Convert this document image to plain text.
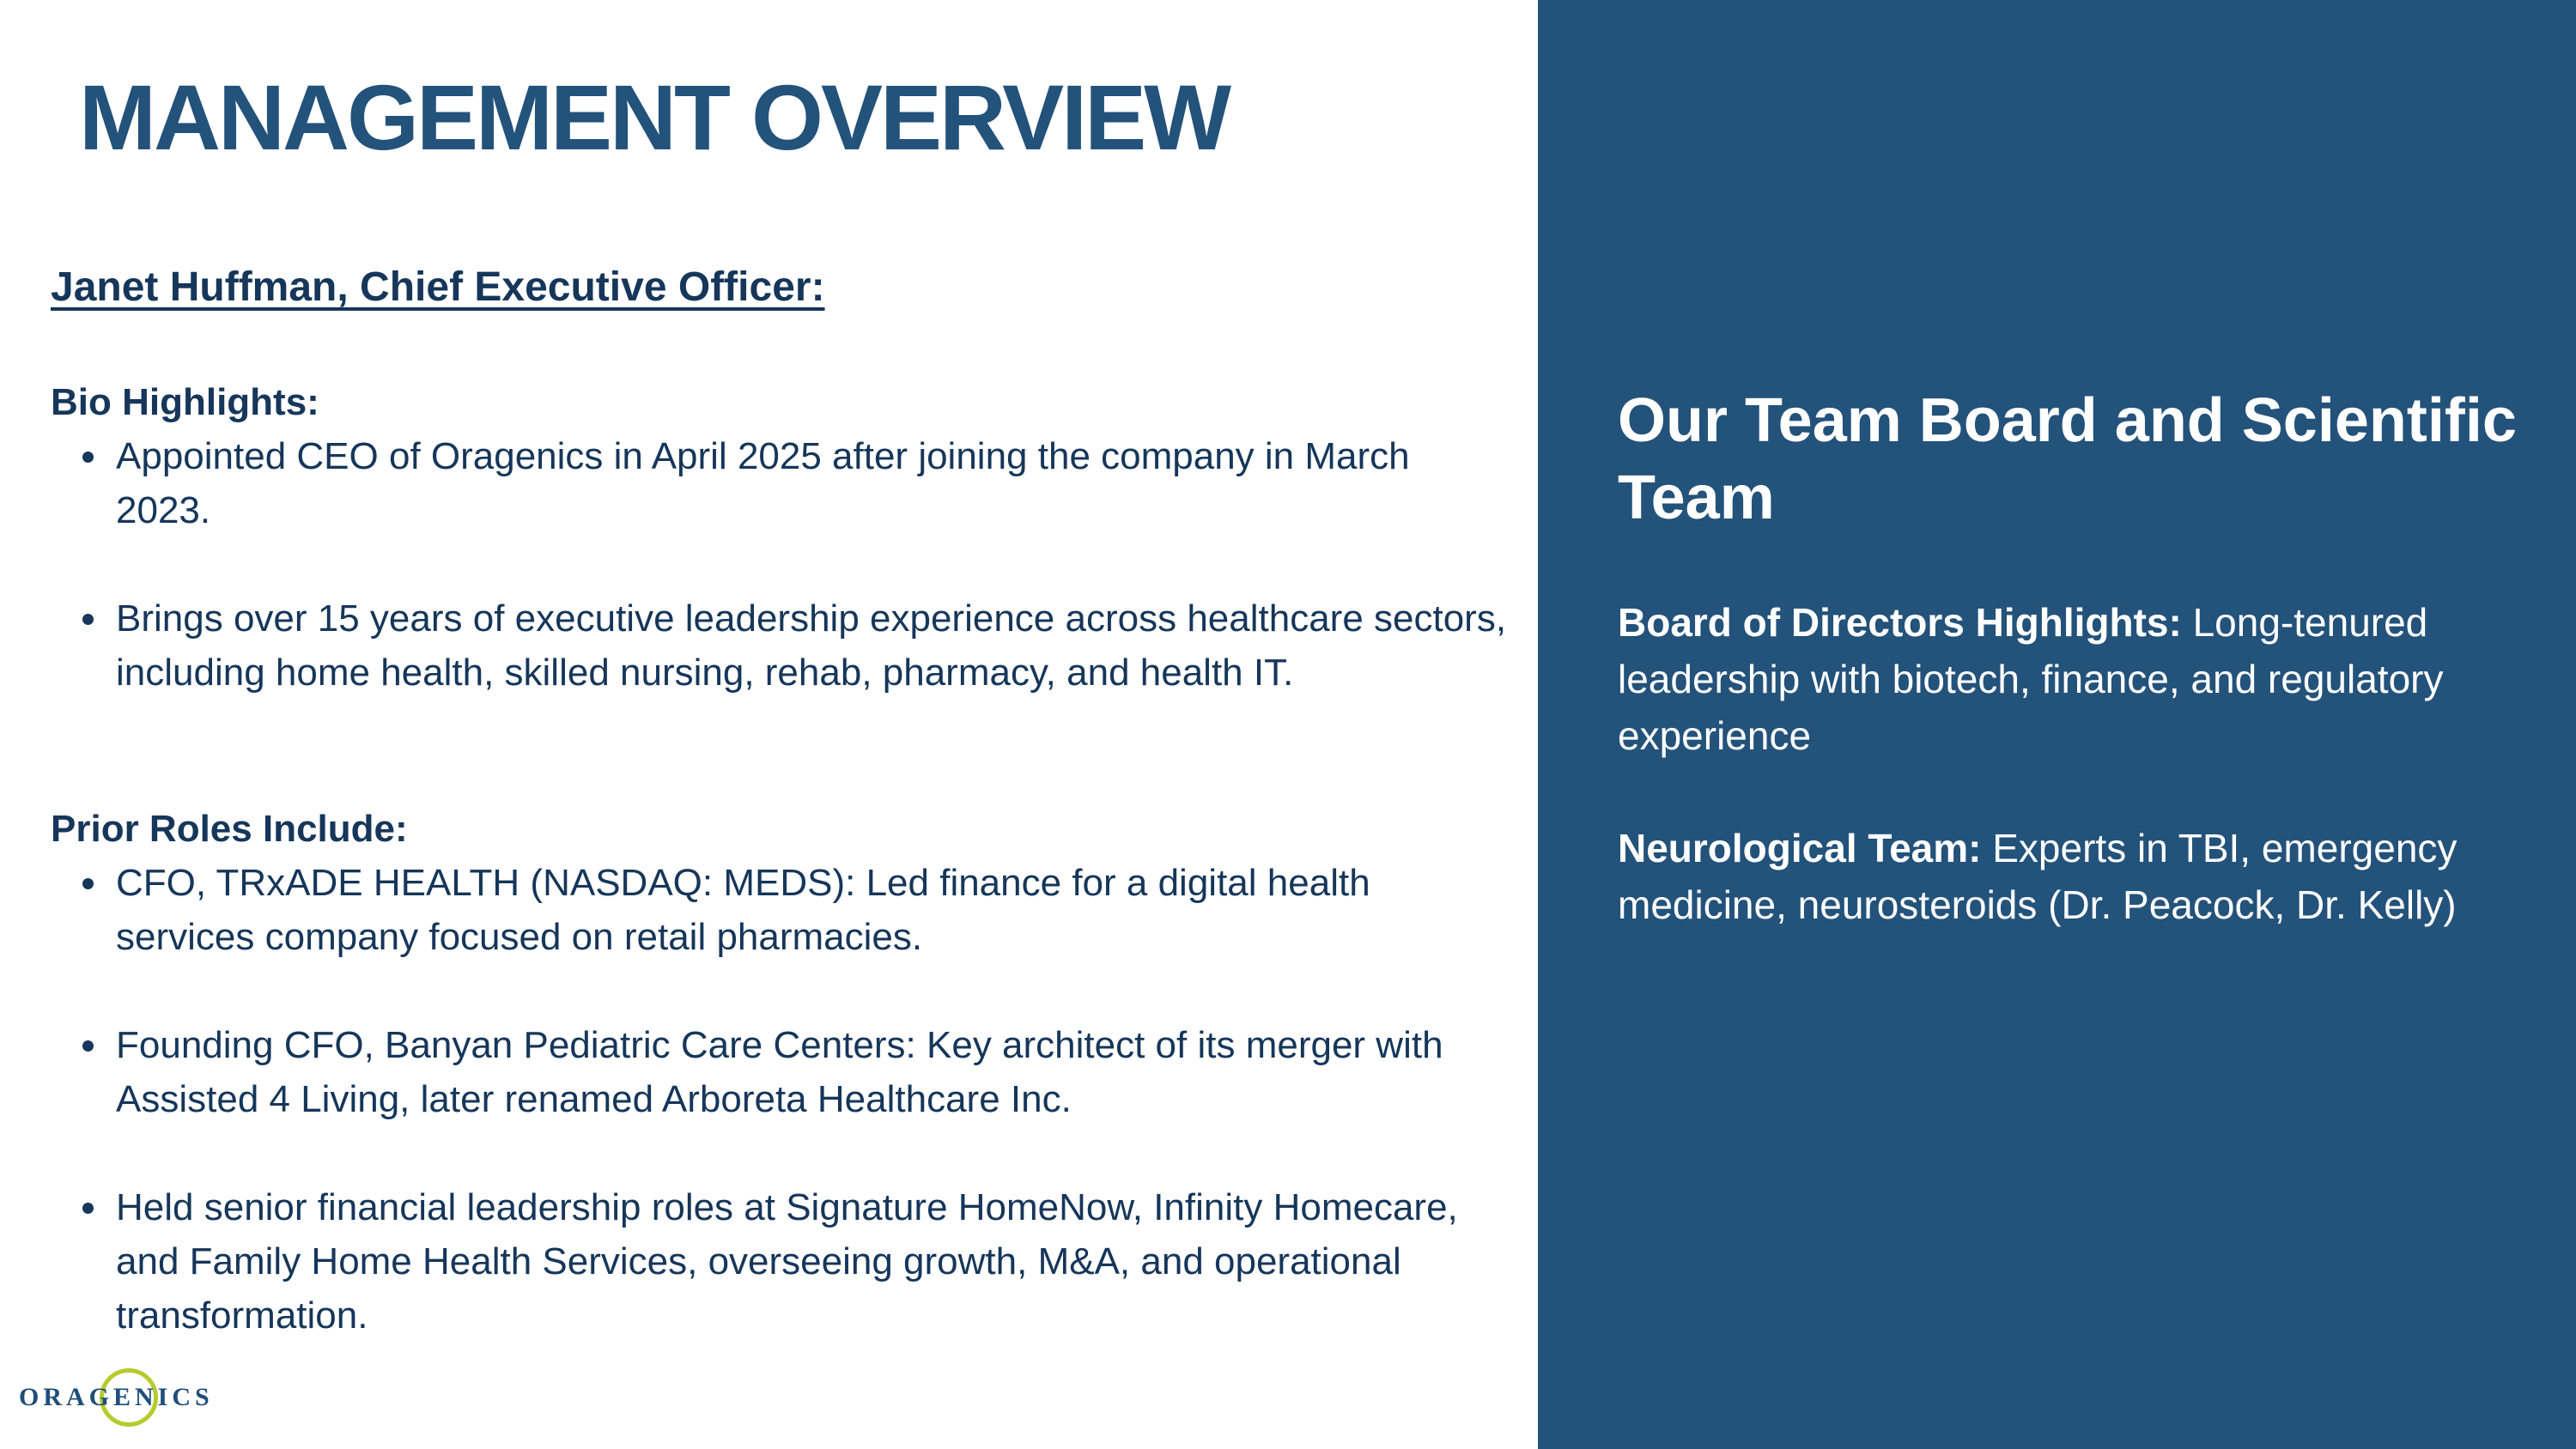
MANAGEMENT OVERVIEW
Janet Huffman, Chief Executive Officer:
Bio Highlights:
Appointed CEO of Oragenics in April 2025 after joining the company in March 2023.
Brings over 15 years of executive leadership experience across healthcare sectors, including home health, skilled nursing, rehab, pharmacy, and health IT.
Prior Roles Include:
CFO, TRxADE HEALTH (NASDAQ: MEDS): Led finance for a digital health services company focused on retail pharmacies.
Founding CFO, Banyan Pediatric Care Centers: Key architect of its merger with Assisted 4 Living, later renamed Arboreta Healthcare Inc.
Held senior financial leadership roles at Signature HomeNow, Infinity Homecare, and Family Home Health Services, overseeing growth, M&A, and operational transformation.
ORAGENICS
Our Team Board and Scientific Team

Board of Directors Highlights: Long-tenured leadership with biotech, finance, and regulatory experience

Neurological Team: Experts in TBI, emergency medicine, neurosteroids (Dr. Peacock, Dr. Kelly)
